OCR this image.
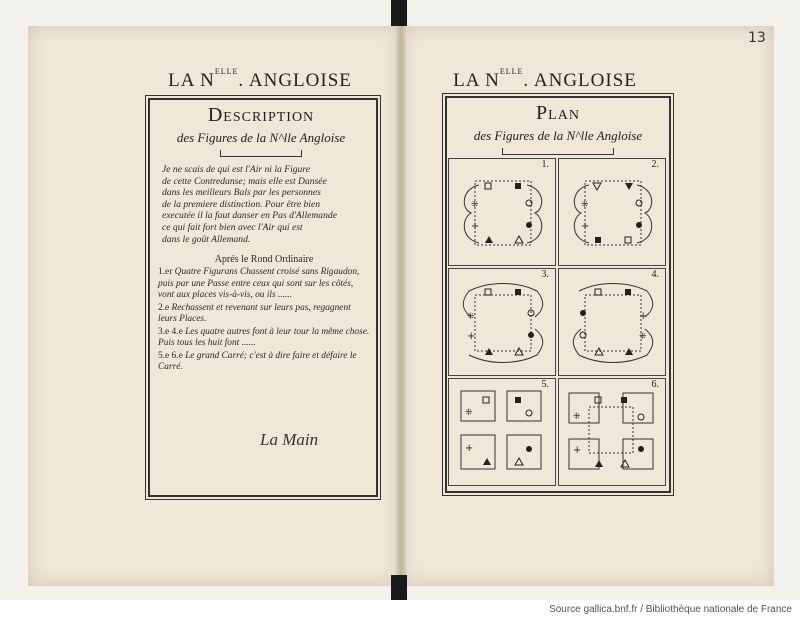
13
LA $N^{ELLE}$. ANGLOISE	LA $N^{ELLE}$. ANGLOISE
Description
des Figures de la N^lle Angloise
Je ne scais de qui est l'Air ni la Figure
de cette Contredanse; mais elle est Dansée
dans les meilleurs Bals par les personnes
de la premiere distinction. Pour être bien
executée il la faut danser en Pas d'Allemande
ce qui fait fort bien avec l'Air qui est
dans le goût Allemand.
Aprés le Rond Ordinaire
1.er Quatre Figurans Chassent croisé sans Rigaudon, puis par une Passe entre ceux qui sont sur les côtés, vont aux places vis-à-vis, ou ils ......
2.e Rechassent et revenant sur leurs pas, regagnent leurs Places.
3.e 4.e Les quatre autres font à leur tour la même chose. Puis tous les huit font ......
5.e 6.e Le grand Carré; c'est à dire faire et défaire le Carré.
La Main
Plan
des Figures de la N^lle Angloise
1.
⁜
+
2.
⁜
+
3.
⁜
+
4.
+
⁜
5.
⁜
+
6.
⁜
+
Source gallica.bnf.fr / Bibliothèque nationale de France
